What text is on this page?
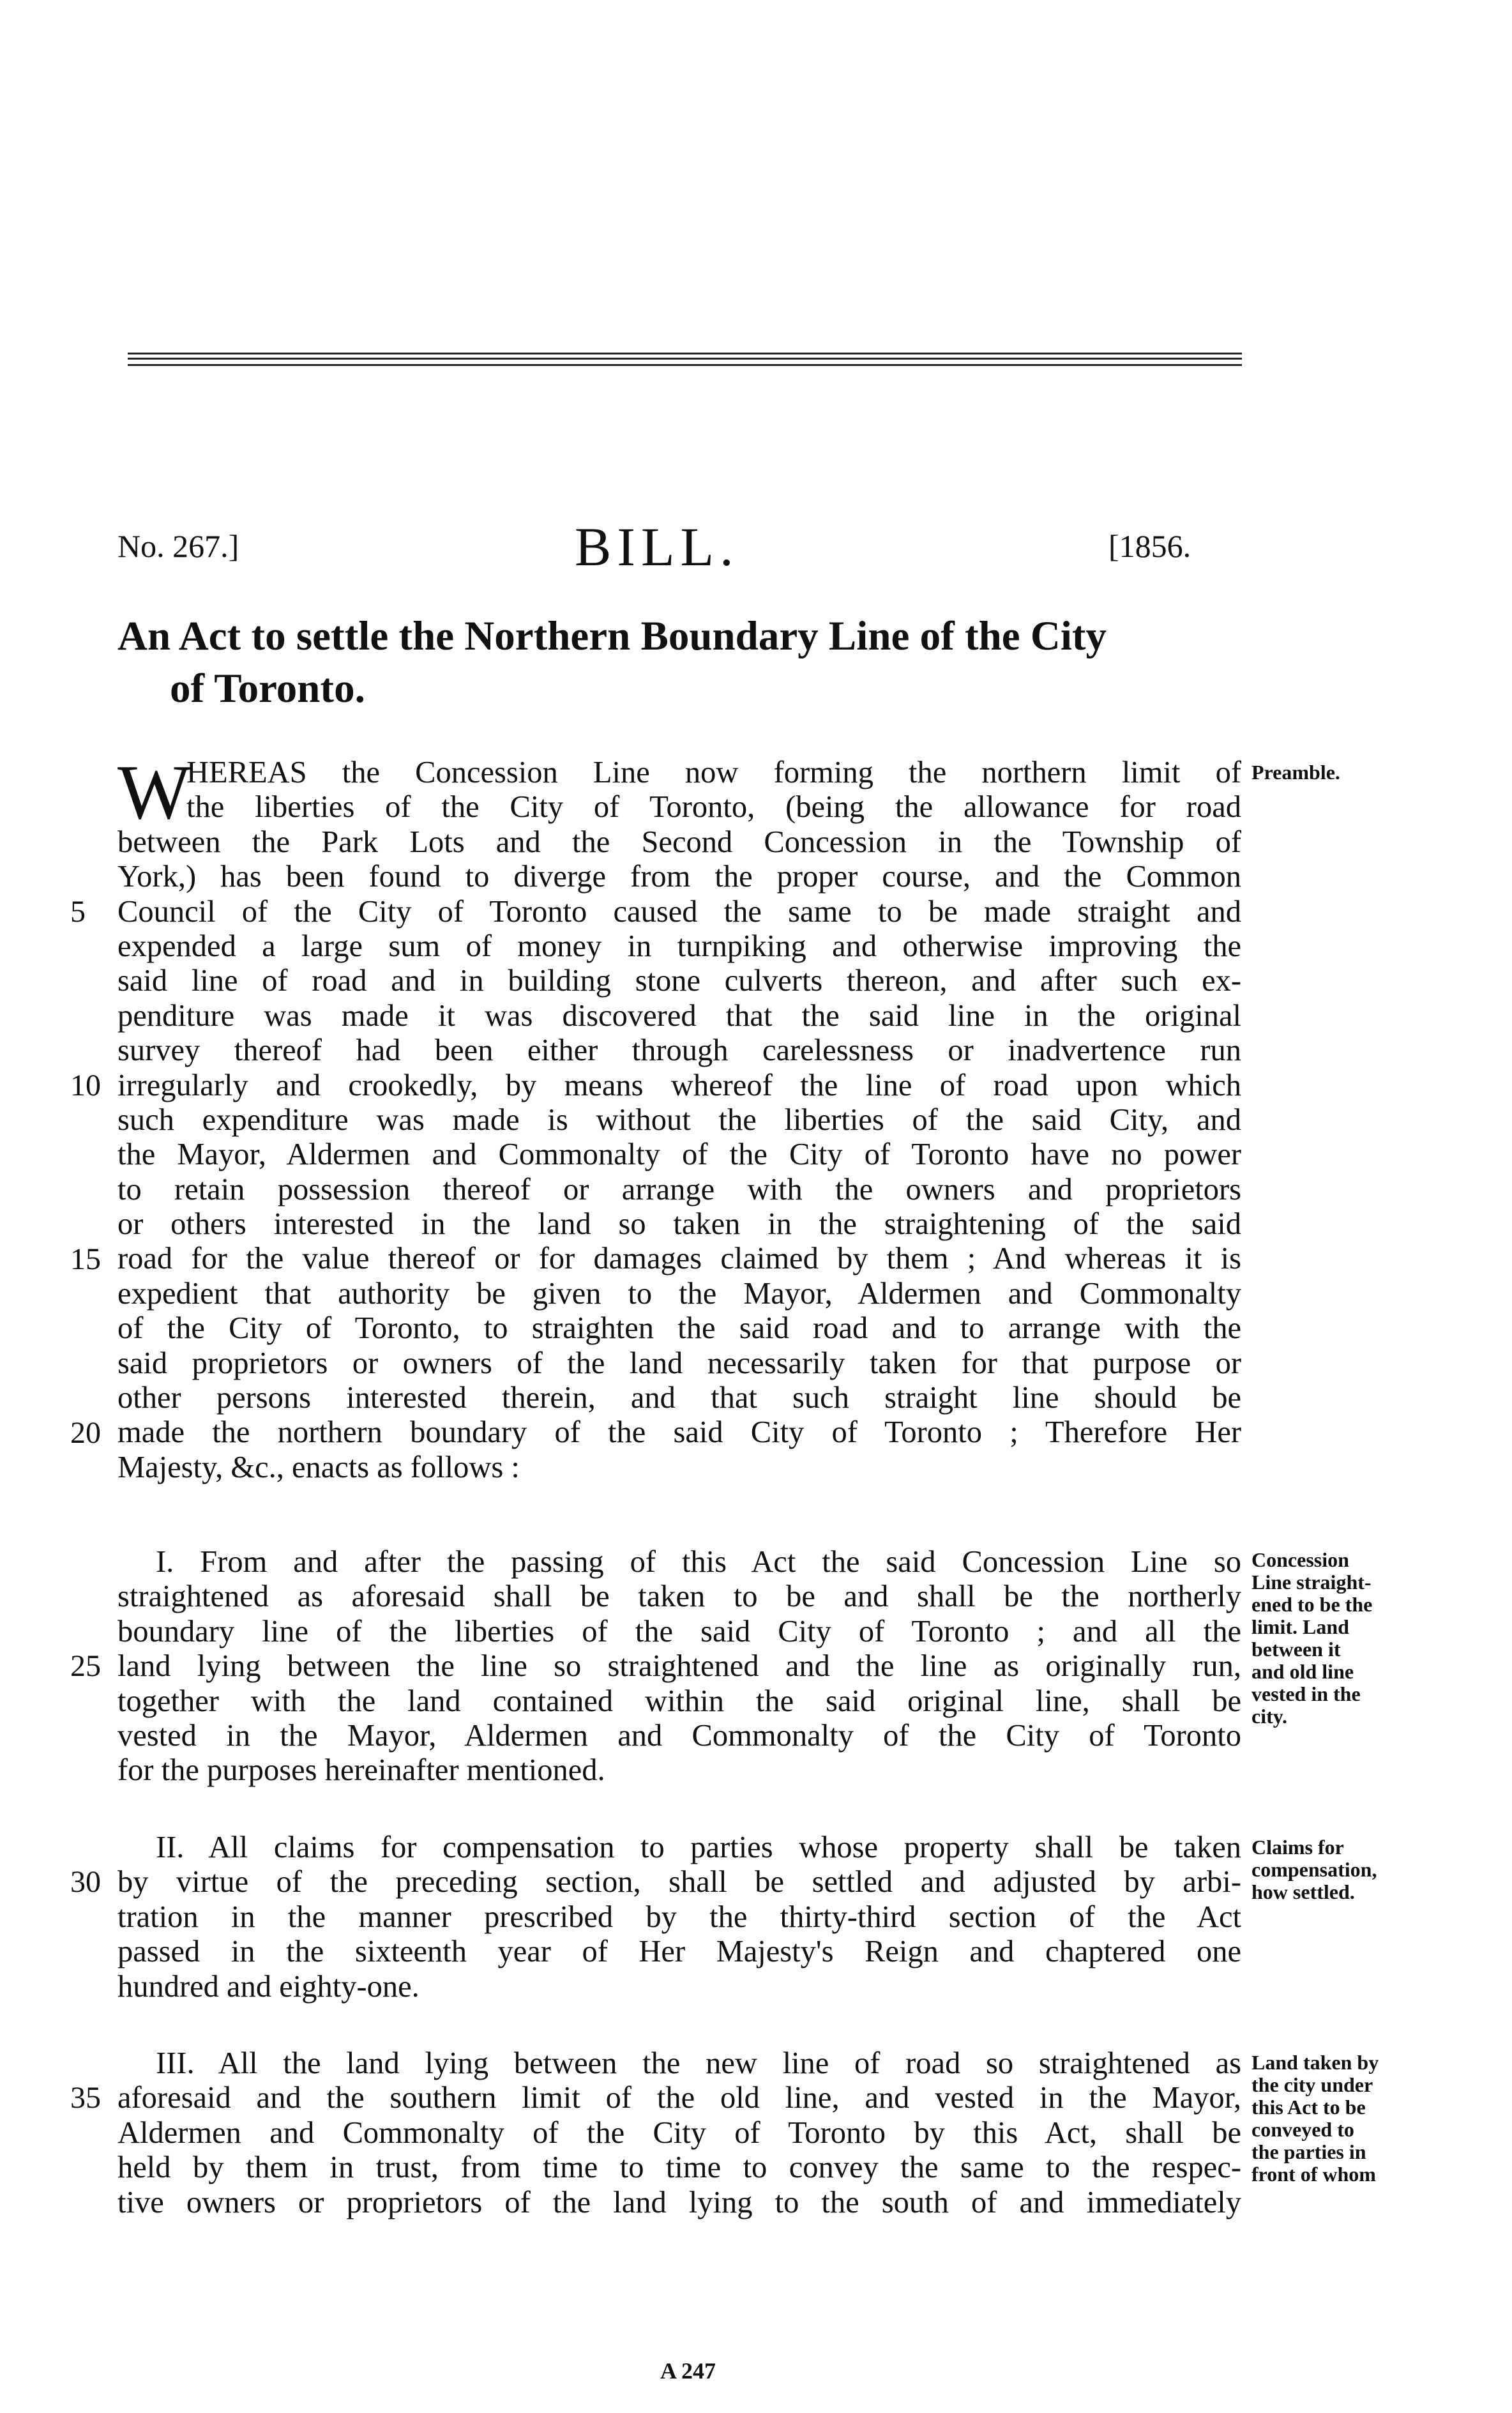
No. 267.]	BILL.	[1856.
An Act to settle the Northern Boundary Line of the City
of Toronto.
W
HEREAS the Concession Line now forming the northern limit of
the liberties of the City of Toronto, (being the allowance for road
between the Park Lots and the Second Concession in the Township of
York,) has been found to diverge from the proper course, and the Common
Council of the City of Toronto caused the same to be made straight and
expended a large sum of money in turnpiking and otherwise improving the
said line of road and in building stone culverts thereon, and after such ex-
penditure was made it was discovered that the said line in the original
survey thereof had been either through carelessness or inadvertence run
irregularly and crookedly, by means whereof the line of road upon which
such expenditure was made is without the liberties of the said City, and
the Mayor, Aldermen and Commonalty of the City of Toronto have no power
to retain possession thereof or arrange with the owners and proprietors
or others interested in the land so taken in the straightening of the said
road for the value thereof or for damages claimed by them ; And whereas it is
expedient that authority be given to the Mayor, Aldermen and Commonalty
of the City of Toronto, to straighten the said road and to arrange with the
said proprietors or owners of the land necessarily taken for that purpose or
other persons interested therein, and that such straight line should be
made the northern boundary of the said City of Toronto ; Therefore Her
Majesty, &c., enacts as follows :
I. From and after the passing of this Act the said Concession Line so
straightened as aforesaid shall be taken to be and shall be the northerly
boundary line of the liberties of the said City of Toronto ; and all the
land lying between the line so straightened and the line as originally run,
together with the land contained within the said original line, shall be
vested in the Mayor, Aldermen and Commonalty of the City of Toronto
for the purposes hereinafter mentioned.
II. All claims for compensation to parties whose property shall be taken
by virtue of the preceding section, shall be settled and adjusted by arbi-
tration in the manner prescribed by the thirty-third section of the Act
passed in the sixteenth year of Her Majesty's Reign and chaptered one
hundred and eighty-one.
III. All the land lying between the new line of road so straightened as
aforesaid and the southern limit of the old line, and vested in the Mayor,
Aldermen and Commonalty of the City of Toronto by this Act, shall be
held by them in trust, from time to time to convey the same to the respec-
tive owners or proprietors of the land lying to the south of and immediately
5
10
15
20
25
30
35
Preamble.
Concession
Line straight-
ened to be the
limit. Land
between it
and old line
vested in the
city.
Claims for
compensation,
how settled.
Land taken by
the city under
this Act to be
conveyed to
the parties in
front of whom
A 247
